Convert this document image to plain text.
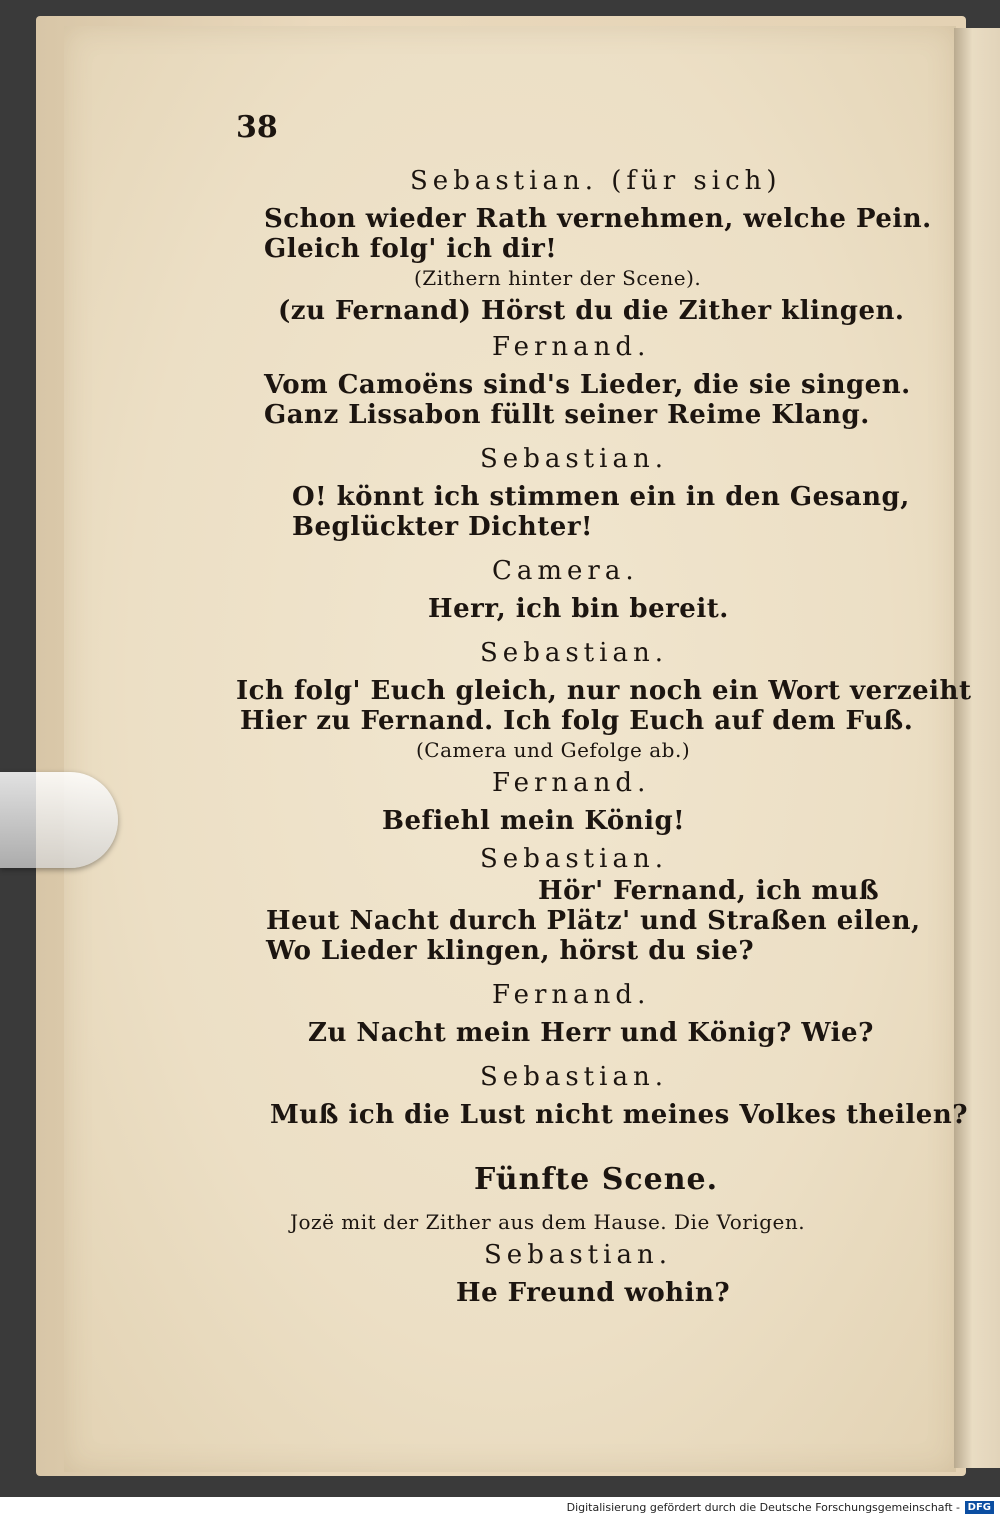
38
Sebastian. (für sich)
Schon wieder Rath vernehmen, welche Pein.
Gleich folg' ich dir!
(Zithern hinter der Scene).
(zu Fernand) Hörst du die Zither klingen.
Fernand.
Vom Camoëns sind's Lieder, die sie singen.
Ganz Lissabon füllt seiner Reime Klang.
Sebastian.
O! könnt ich stimmen ein in den Gesang,
Beglückter Dichter!
Camera.
Herr, ich bin bereit.
Sebastian.
Ich folg' Euch gleich, nur noch ein Wort verzeiht
Hier zu Fernand. Ich folg Euch auf dem Fuß.
(Camera und Gefolge ab.)
Fernand.
Befiehl mein König!
Sebastian.
Hör' Fernand, ich muß
Heut Nacht durch Plätz' und Straßen eilen,
Wo Lieder klingen, hörst du sie?
Fernand.
Zu Nacht mein Herr und König? Wie?
Sebastian.
Muß ich die Lust nicht meines Volkes theilen?
Fünfte Scene.
Jozë mit der Zither aus dem Hause. Die Vorigen.
Sebastian.
He Freund wohin?
Digitalisierung gefördert durch die Deutsche Forschungsgemeinschaft - DFG
